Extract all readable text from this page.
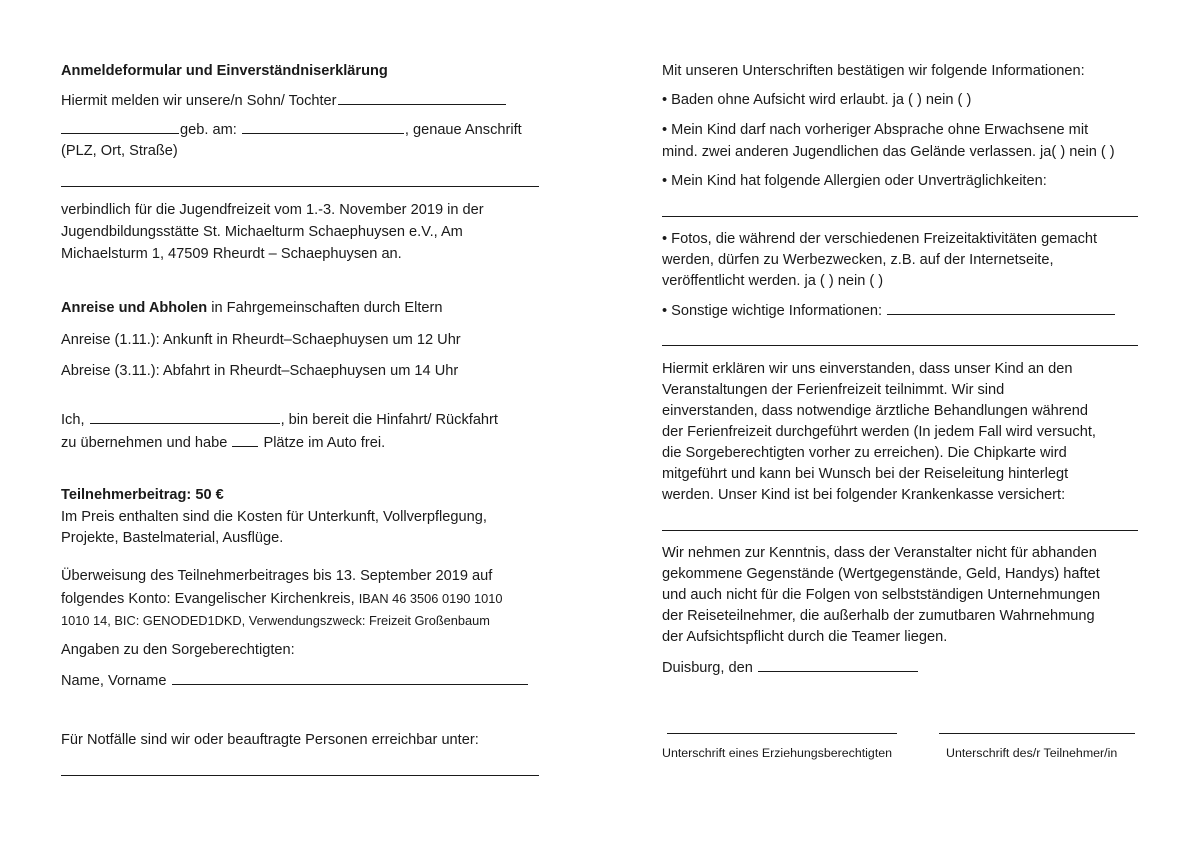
Anmeldeformular und Einverständniserklärung
Hiermit melden wir unsere/n Sohn/ Tochter
geb. am:	, genaue Anschrift
(PLZ, Ort, Straße)
verbindlich für die Jugendfreizeit vom 1.-3. November 2019 in der
Jugendbildungsstätte St. Michaelturm Schaephuysen e.V., Am
Michaelsturm 1, 47509 Rheurdt – Schaephuysen an.
Anreise und Abholen in Fahrgemeinschaften durch Eltern
Anreise (1.11.): Ankunft in Rheurdt–Schaephuysen um 12 Uhr
Abreise (3.11.): Abfahrt in Rheurdt–Schaephuysen um 14 Uhr
Ich,	, bin bereit die Hinfahrt/ Rückfahrt
zu übernehmen und habe  Plätze im Auto frei.
Teilnehmerbeitrag: 50 €
Im Preis enthalten sind die Kosten für Unterkunft, Vollverpflegung,
Projekte, Bastelmaterial, Ausflüge.
Überweisung des Teilnehmerbeitrages bis 13. September 2019 auf
folgendes Konto: Evangelischer Kirchenkreis, IBAN 46 3506 0190 1010
1010 14, BIC: GENODED1DKD, Verwendungszweck: Freizeit Großenbaum
Angaben zu den Sorgeberechtigten:
Name, Vorname
Für Notfälle sind wir oder beauftragte Personen erreichbar unter:
Mit unseren Unterschriften bestätigen wir folgende Informationen:
• Baden ohne Aufsicht wird erlaubt. ja ( ) nein ( )
• Mein Kind darf nach vorheriger Absprache ohne Erwachsene mit
mind. zwei anderen Jugendlichen das Gelände verlassen. ja( ) nein ( )
• Mein Kind hat folgende Allergien oder Unverträglichkeiten:
• Fotos, die während der verschiedenen Freizeitaktivitäten gemacht
werden, dürfen zu Werbezwecken, z.B. auf der Internetseite,
veröffentlicht werden. ja ( ) nein ( )
• Sonstige wichtige Informationen:
Hiermit erklären wir uns einverstanden, dass unser Kind an den
Veranstaltungen der Ferienfreizeit teilnimmt. Wir sind
einverstanden, dass notwendige ärztliche Behandlungen während
der Ferienfreizeit durchgeführt werden (In jedem Fall wird versucht,
die Sorgeberechtigten vorher zu erreichen). Die Chipkarte wird
mitgeführt und kann bei Wunsch bei der Reiseleitung hinterlegt
werden. Unser Kind ist bei folgender Krankenkasse versichert:
Wir nehmen zur Kenntnis, dass der Veranstalter nicht für abhanden
gekommene Gegenstände (Wertgegenstände, Geld, Handys) haftet
und auch nicht für die Folgen von selbstständigen Unternehmungen
der Reiseteilnehmer, die außerhalb der zumutbaren Wahrnehmung
der Aufsichtspflicht durch die Teamer liegen.
Duisburg, den
Unterschrift eines Erziehungsberechtigten	Unterschrift des/r Teilnehmer/in
